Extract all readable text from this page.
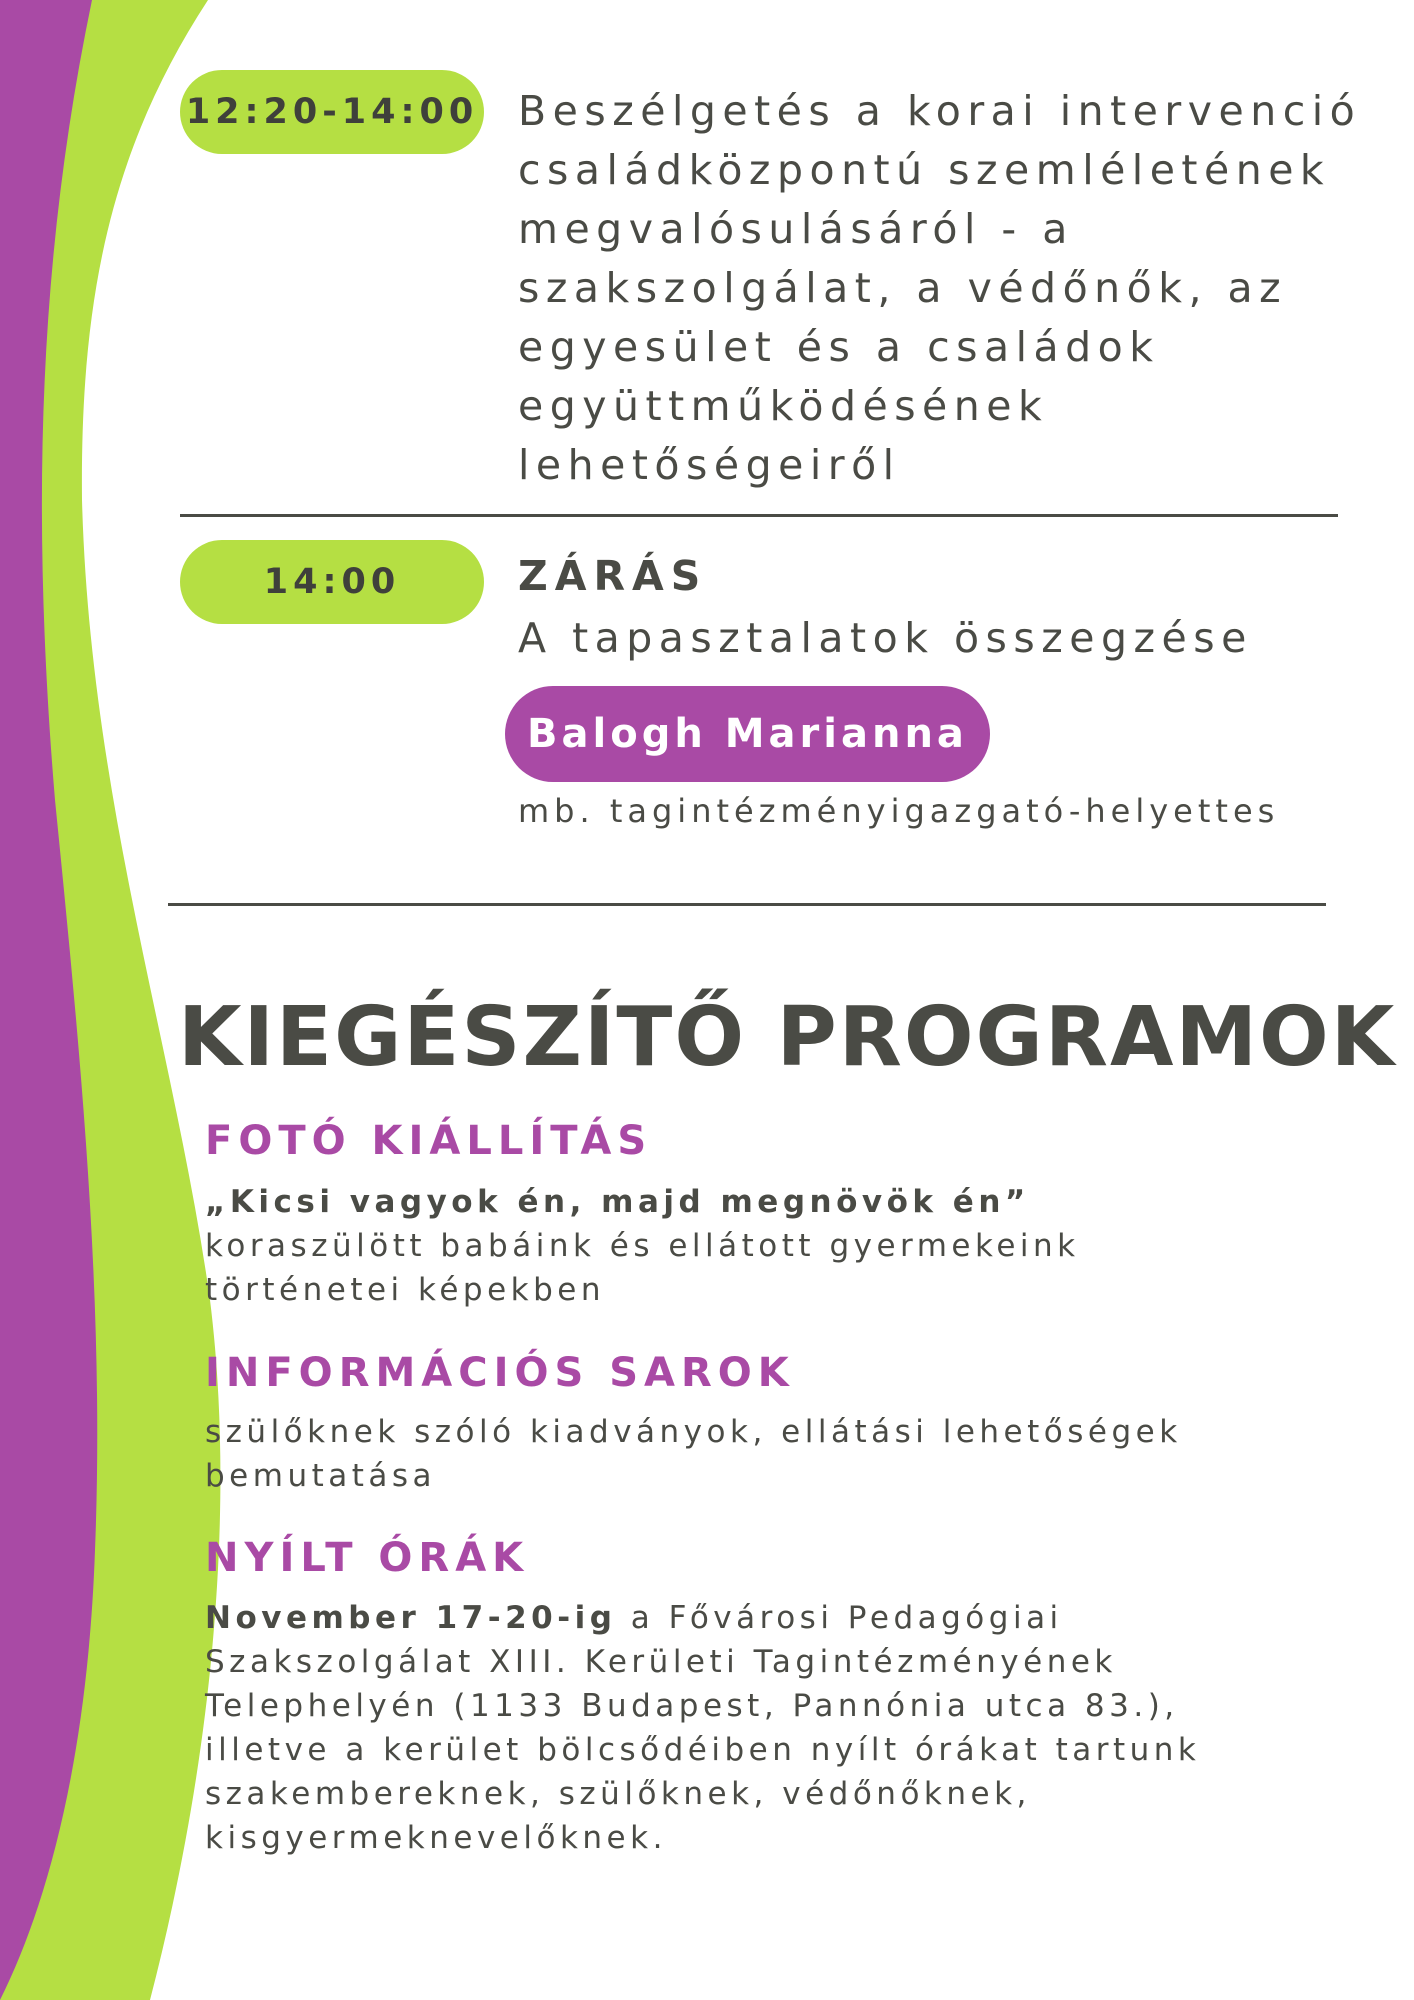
12:20-14:00 Beszélgetés a korai intervenció
családközpontú szemléletének
megvalósulásáról - a
szakszolgálat, a védőnők, az
egyesület és a családok
együttműködésének
lehetőségeiről
14:00	ZÁRÁS
A tapasztalatok összegzése
Balogh Marianna
mb. tagintézményigazgató-helyettes
KIEGÉSZÍTŐ PROGRAMOK
FOTÓ KIÁLLÍTÁS
„Kicsi vagyok én, majd megnövök én”
koraszülött babáink és ellátott gyermekeink
történetei képekben
INFORMÁCIÓS SAROK
szülőknek szóló kiadványok, ellátási lehetőségek
bemutatása
NYÍLT ÓRÁK
November 17-20-ig a Fővárosi Pedagógiai
Szakszolgálat XIII. Kerületi Tagintézményének
Telephelyén (1133 Budapest, Pannónia utca 83.),
illetve a kerület bölcsődéiben nyílt órákat tartunk
szakembereknek, szülőknek, védőnőknek,
kisgyermeknevelőknek.
